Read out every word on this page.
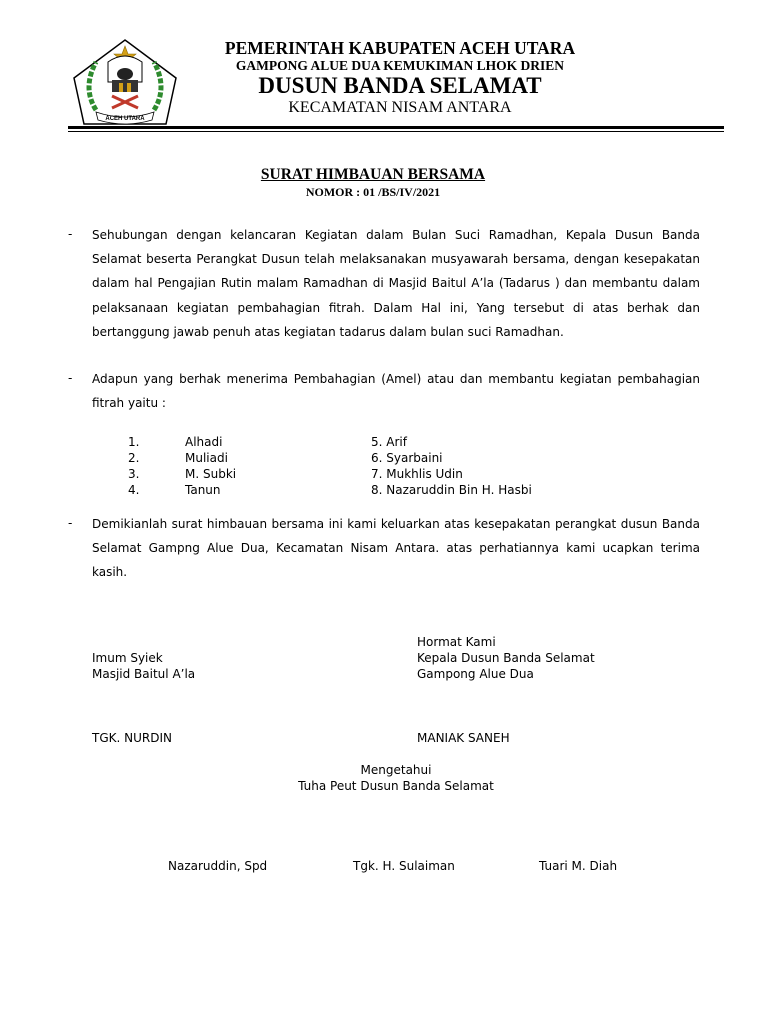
ACEH UTARA
PEMERINTAH KABUPATEN ACEH UTARA
GAMPONG ALUE DUA KEMUKIMAN LHOK DRIEN
DUSUN BANDA SELAMAT
KECAMATAN NISAM ANTARA
SURAT HIMBAUAN BERSAMA
NOMOR : 01 /BS/IV/2021
- Sehubungan dengan kelancaran Kegiatan dalam Bulan Suci Ramadhan, Kepala Dusun Banda Selamat beserta Perangkat Dusun telah melaksanakan musyawarah bersama, dengan kesepakatan dalam hal Pengajian Rutin malam Ramadhan di Masjid Baitul A’la (Tadarus ) dan membantu dalam pelaksanaan kegiatan pembahagian fitrah. Dalam Hal ini, Yang tersebut di atas berhak dan bertanggung jawab penuh atas kegiatan tadarus dalam bulan suci Ramadhan.
- Adapun yang berhak menerima Pembahagian (Amel) atau dan membantu kegiatan pembahagian fitrah yaitu :
1.	Alhadi
2.	Muliadi
3.	M. Subki
4.	Tanun
5. Arif
6. Syarbaini
7. Mukhlis Udin
8. Nazaruddin Bin H. Hasbi
- Demikianlah surat himbauan bersama ini kami keluarkan atas kesepakatan perangkat dusun Banda Selamat Gampng Alue Dua, Kecamatan Nisam Antara. atas perhatiannya kami ucapkan terima kasih.
Hormat Kami
Imum Syiek	Kepala Dusun Banda Selamat
Masjid Baitul A’la	Gampong Alue Dua
TGK. NURDIN	MANIAK SANEH
Mengetahui
Tuha Peut Dusun Banda Selamat
Nazaruddin, Spd	Tgk. H. Sulaiman	Tuari M. Diah
